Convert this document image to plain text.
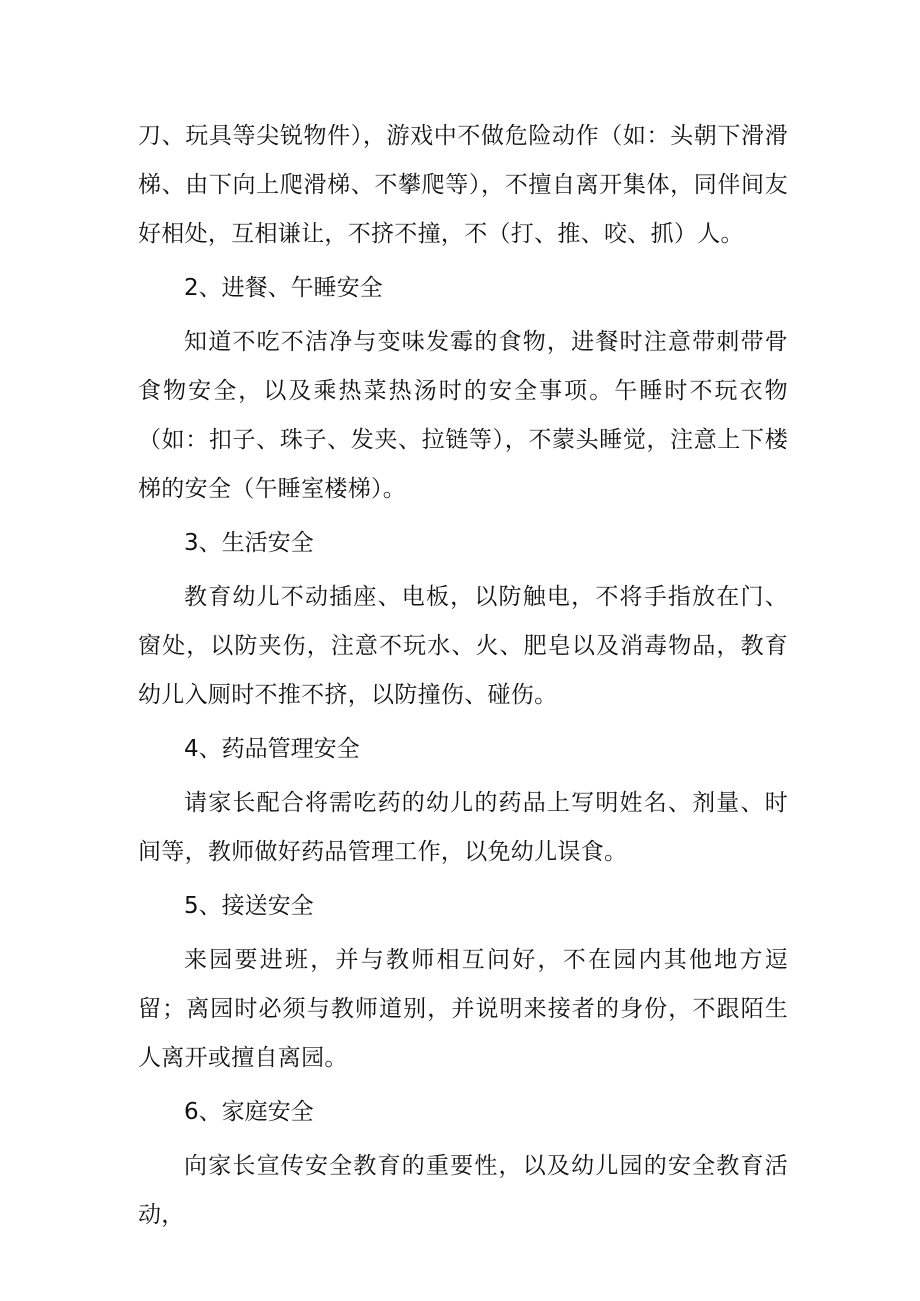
刀、玩具等尖锐物件），游戏中不做危险动作（如：头朝下滑滑梯、由下向上爬滑梯、不攀爬等），不擅自离开集体，同伴间友好相处，互相谦让，不挤不撞，不（打、推、咬、抓）人。

2、进餐、午睡安全

知道不吃不洁净与变味发霉的食物，进餐时注意带刺带骨食物安全，以及乘热菜热汤时的安全事项。午睡时不玩衣物（如：扣子、珠子、发夹、拉链等），不蒙头睡觉，注意上下楼梯的安全（午睡室楼梯）。

3、生活安全

教育幼儿不动插座、电板，以防触电，不将手指放在门、窗处，以防夹伤，注意不玩水、火、肥皂以及消毒物品，教育幼儿入厕时不推不挤，以防撞伤、碰伤。

4、药品管理安全

请家长配合将需吃药的幼儿的药品上写明姓名、剂量、时间等，教师做好药品管理工作，以免幼儿误食。

5、接送安全

来园要进班，并与教师相互问好，不在园内其他地方逗留；离园时必须与教师道别，并说明来接者的身份，不跟陌生人离开或擅自离园。

6、家庭安全

向家长宣传安全教育的重要性，以及幼儿园的安全教育活动，
